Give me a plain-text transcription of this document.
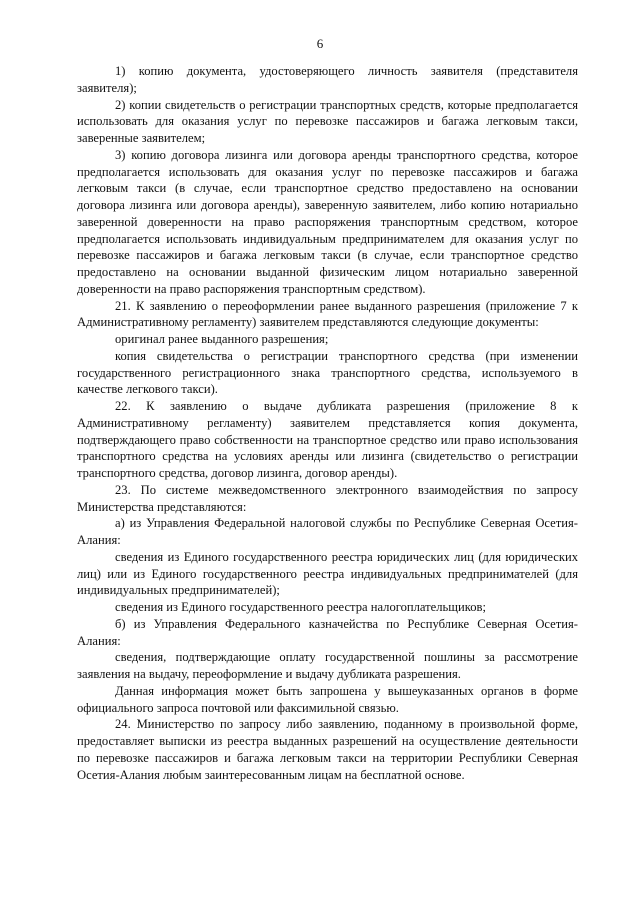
6

1) копию документа, удостоверяющего личность заявителя (представителя заявителя);

2) копии свидетельств о регистрации транспортных средств, которые предполагается использовать для оказания услуг по перевозке пассажиров и багажа легковым такси, заверенные заявителем;

3) копию договора лизинга или договора аренды транспортного средства, которое предполагается использовать для оказания услуг по перевозке пассажиров и багажа легковым такси (в случае, если транспортное средство предоставлено на основании договора лизинга или договора аренды), заверенную заявителем, либо копию нотариально заверенной доверенности на право распоряжения транспортным средством, которое предполагается использовать индивидуальным предпринимателем для оказания услуг по перевозке пассажиров и багажа легковым такси (в случае, если транспортное средство предоставлено на основании выданной физическим лицом нотариально заверенной доверенности на право распоряжения транспортным средством).

21. К заявлению о переоформлении ранее выданного разрешения (приложение 7 к Административному регламенту) заявителем представляются следующие документы:

оригинал ранее выданного разрешения;

копия свидетельства о регистрации транспортного средства (при изменении государственного регистрационного знака транспортного средства, используемого в качестве легкового такси).

22. К заявлению о выдаче дубликата разрешения (приложение 8 к Административному регламенту) заявителем представляется копия документа, подтверждающего право собственности на транспортное средство или право использования транспортного средства на условиях аренды или лизинга (свидетельство о регистрации транспортного средства, договор лизинга, договор аренды).

23. По системе межведомственного электронного взаимодействия по запросу Министерства представляются:

а) из Управления Федеральной налоговой службы по Республике Северная Осетия-Алания:

сведения из Единого государственного реестра юридических лиц (для юридических лиц) или из Единого государственного реестра индивидуальных предпринимателей (для индивидуальных предпринимателей);

сведения из Единого государственного реестра налогоплательщиков;

б) из Управления Федерального казначейства по Республике Северная Осетия-Алания:

сведения, подтверждающие оплату государственной пошлины за рассмотрение заявления на выдачу, переоформление и выдачу дубликата разрешения.

Данная информация может быть запрошена у вышеуказанных органов в форме официального запроса почтовой или факсимильной связью.

24. Министерство по запросу либо заявлению, поданному в произвольной форме, предоставляет выписки из реестра выданных разрешений на осуществление деятельности по перевозке пассажиров и багажа легковым такси на территории Республики Северная Осетия-Алания любым заинтересованным лицам на бесплатной основе.
